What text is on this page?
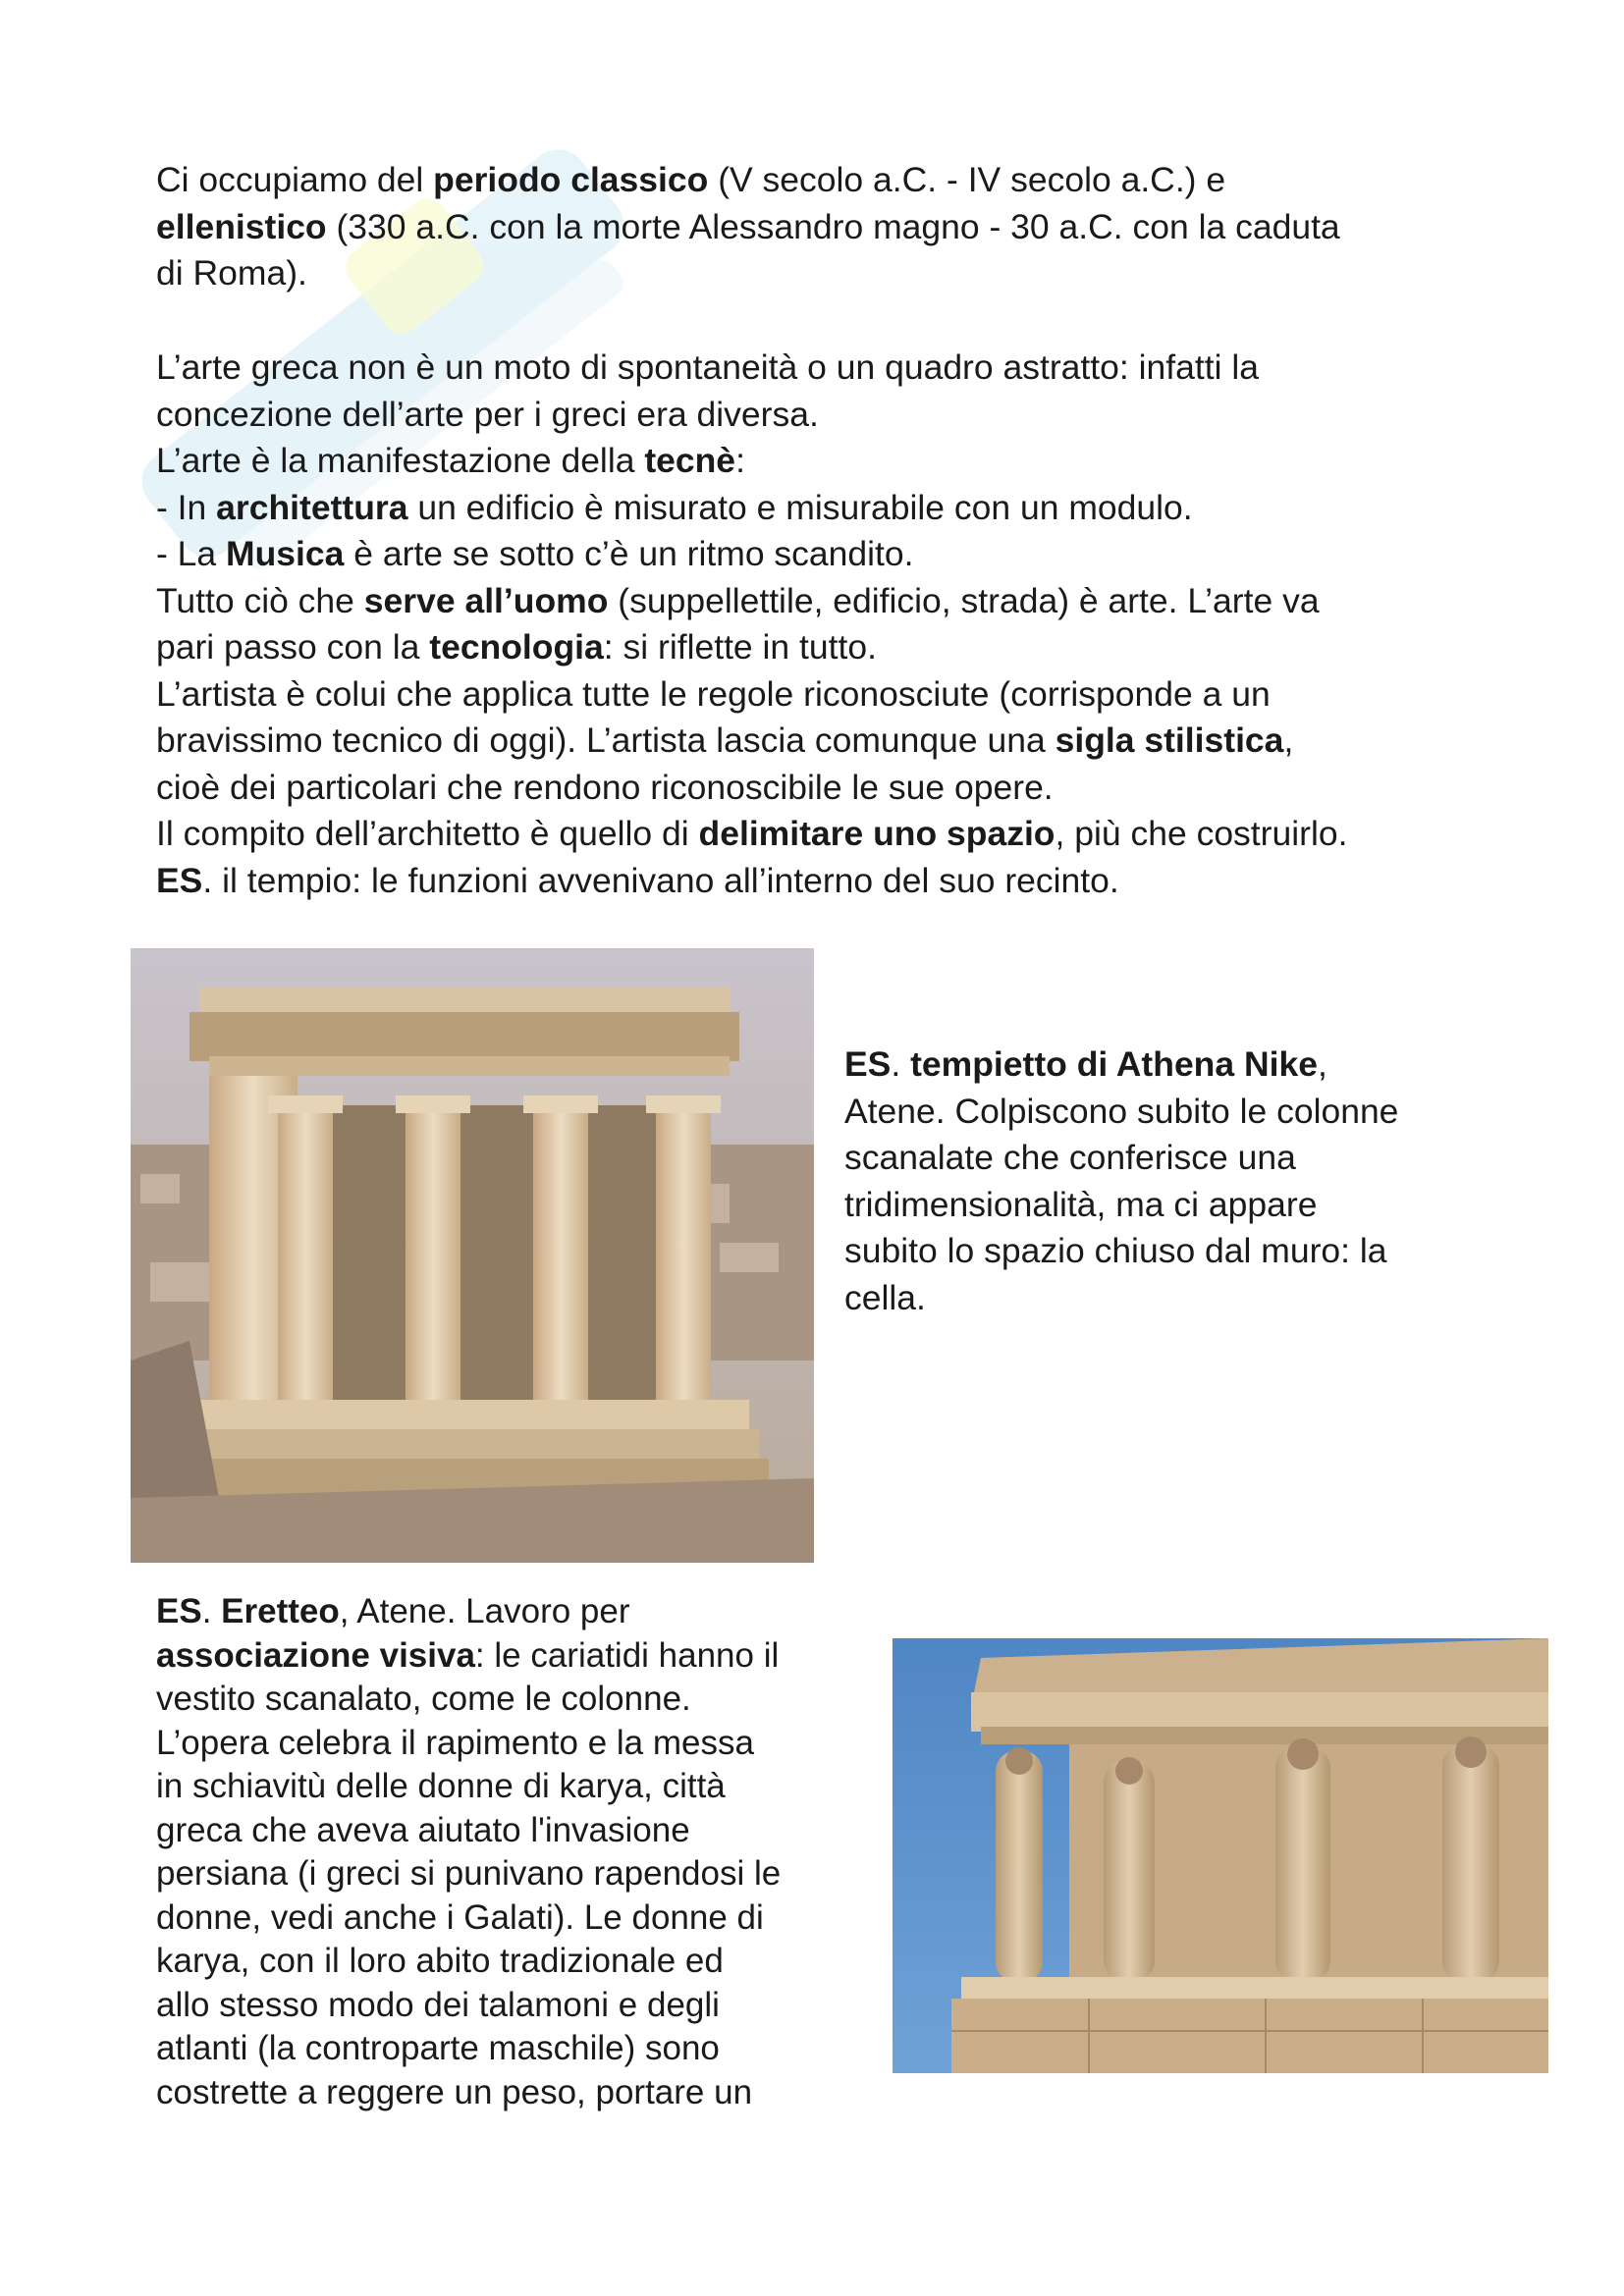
Ci occupiamo del periodo classico (V secolo a.C. - IV secolo a.C.) e

ellenistico (330 a.C. con la morte Alessandro magno - 30 a.C. con la caduta

di Roma).

L’arte greca non è un moto di spontaneità o un quadro astratto: infatti la

concezione dell’arte per i greci era diversa.

L’arte è la manifestazione della tecnè:

- In architettura un edificio è misurato e misurabile con un modulo.

- La Musica è arte se sotto c’è un ritmo scandito.

Tutto ciò che serve all’uomo (suppellettile, edificio, strada) è arte. L’arte va

pari passo con la tecnologia: si riflette in tutto.

L’artista è colui che applica tutte le regole riconosciute (corrisponde a un

bravissimo tecnico di oggi). L’artista lascia comunque una sigla stilistica,

cioè dei particolari che rendono riconoscibile le sue opere.

Il compito dell’architetto è quello di delimitare uno spazio, più che costruirlo.

ES. il tempio: le funzioni avvenivano all’interno del suo recinto.

ES. tempietto di Athena Nike,
Atene. Colpiscono subito le colonne
scanalate che conferisce una
tridimensionalità, ma ci appare
subito lo spazio chiuso dal muro: la
cella.
ES. Eretteo, Atene. Lavoro per
associazione visiva: le cariatidi hanno il
vestito scanalato, come le colonne.
L’opera celebra il rapimento e la messa
in schiavitù delle donne di karya, città
greca che aveva aiutato l'invasione
persiana (i greci si punivano rapendosi le
donne, vedi anche i Galati). Le donne di
karya, con il loro abito tradizionale ed
allo stesso modo dei talamoni e degli
atlanti (la controparte maschile) sono
costrette a reggere un peso, portare un
